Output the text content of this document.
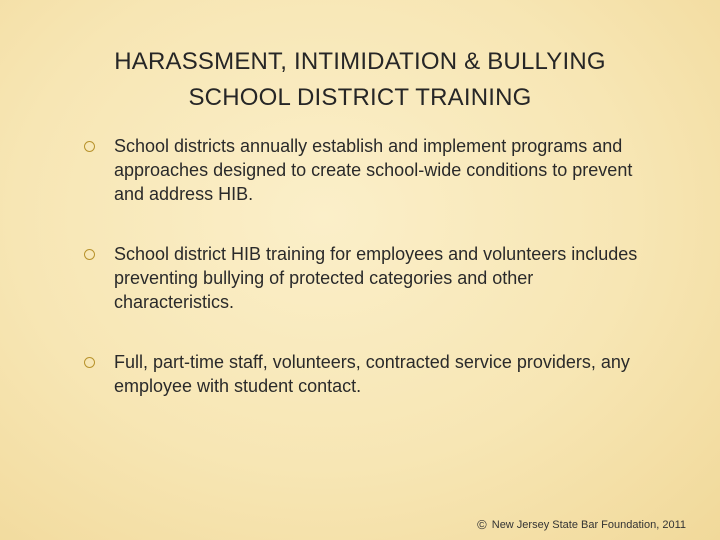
HARASSMENT, INTIMIDATION & BULLYING
SCHOOL DISTRICT TRAINING
School districts annually establish and implement programs and approaches designed to create school-wide conditions to prevent and address HIB.
School district HIB training for employees and volunteers includes preventing bullying of protected categories and other characteristics.
Full, part-time staff, volunteers, contracted service providers, any employee with student contact.
© New Jersey State Bar Foundation, 2011
